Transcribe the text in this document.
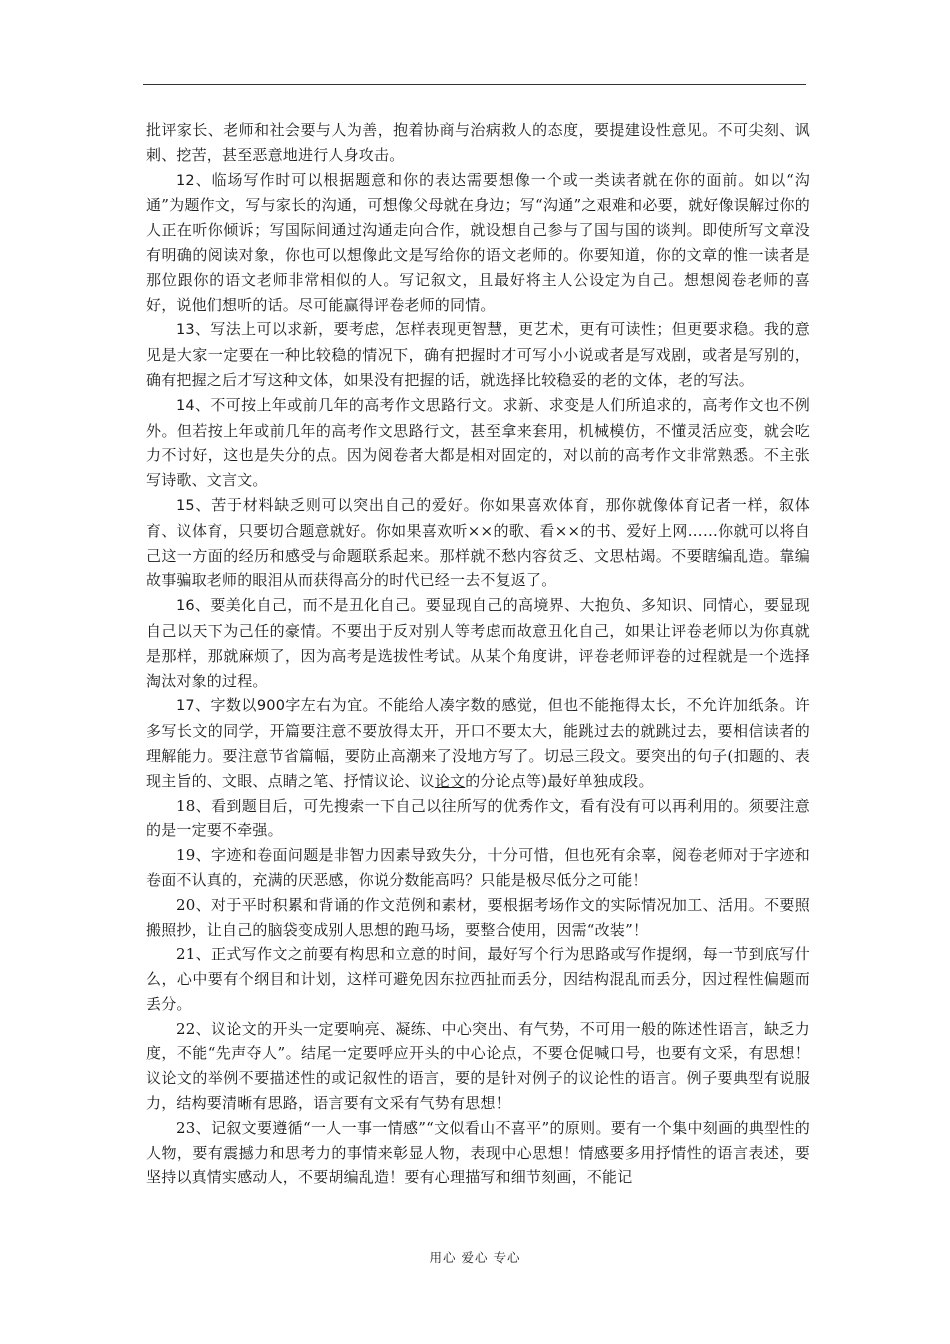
批评家长、老师和社会要与人为善，抱着协商与治病救人的态度，要提建设性意见。不可尖刻、讽刺、挖苦，甚至恶意地进行人身攻击。

12、临场写作时可以根据题意和你的表达需要想像一个或一类读者就在你的面前。如以“沟通”为题作文，写与家长的沟通，可想像父母就在身边；写“沟通”之艰难和必要，就好像误解过你的人正在听你倾诉；写国际间通过沟通走向合作，就设想自己参与了国与国的谈判。即使所写文章没有明确的阅读对象，你也可以想像此文是写给你的语文老师的。你要知道，你的文章的惟一读者是那位跟你的语文老师非常相似的人。写记叙文，且最好将主人公设定为自己。想想阅卷老师的喜好，说他们想听的话。尽可能赢得评卷老师的同情。

13、写法上可以求新，要考虑，怎样表现更智慧，更艺术，更有可读性；但更要求稳。我的意见是大家一定要在一种比较稳的情况下，确有把握时才可写小小说或者是写戏剧，或者是写别的，确有把握之后才写这种文体，如果没有把握的话，就选择比较稳妥的老的文体，老的写法。

14、不可按上年或前几年的高考作文思路行文。求新、求变是人们所追求的，高考作文也不例外。但若按上年或前几年的高考作文思路行文，甚至拿来套用，机械模仿，不懂灵活应变，就会吃力不讨好，这也是失分的点。因为阅卷者大都是相对固定的，对以前的高考作文非常熟悉。不主张写诗歌、文言文。

15、苦于材料缺乏则可以突出自己的爱好。你如果喜欢体育，那你就像体育记者一样，叙体育、议体育，只要切合题意就好。你如果喜欢听××的歌、看××的书、爱好上网……你就可以将自己这一方面的经历和感受与命题联系起来。那样就不愁内容贫乏、文思枯竭。不要瞎编乱造。靠编故事骗取老师的眼泪从而获得高分的时代已经一去不复返了。

16、要美化自己，而不是丑化自己。要显现自己的高境界、大抱负、多知识、同情心，要显现自己以天下为己任的豪情。不要出于反对别人等考虑而故意丑化自己，如果让评卷老师以为你真就是那样，那就麻烦了，因为高考是选拔性考试。从某个角度讲，评卷老师评卷的过程就是一个选择淘汰对象的过程。

17、字数以900字左右为宜。不能给人凑字数的感觉，但也不能拖得太长，不允许加纸条。许多写长文的同学，开篇要注意不要放得太开，开口不要太大，能跳过去的就跳过去，要相信读者的理解能力。要注意节省篇幅，要防止高潮来了没地方写了。切忌三段文。要突出的句子(扣题的、表现主旨的、文眼、点睛之笔、抒情议论、议论文的分论点等)最好单独成段。

18、看到题目后，可先搜索一下自己以往所写的优秀作文，看有没有可以再利用的。须要注意的是一定要不牵强。

19、字迹和卷面问题是非智力因素导致失分，十分可惜，但也死有余辜，阅卷老师对于字迹和卷面不认真的，充满的厌恶感，你说分数能高吗？只能是极尽低分之可能！

20、对于平时积累和背诵的作文范例和素材，要根据考场作文的实际情况加工、活用。不要照搬照抄，让自己的脑袋变成别人思想的跑马场，要整合使用，因需“改装”！

21、正式写作文之前要有构思和立意的时间，最好写个行为思路或写作提纲，每一节到底写什么，心中要有个纲目和计划，这样可避免因东拉西扯而丢分，因结构混乱而丢分，因过程性偏题而丢分。

22、议论文的开头一定要响亮、凝练、中心突出、有气势，不可用一般的陈述性语言，缺乏力度，不能“先声夺人”。结尾一定要呼应开头的中心论点，不要仓促喊口号，也要有文采，有思想！议论文的举例不要描述性的或记叙性的语言，要的是针对例子的议论性的语言。例子要典型有说服力，结构要清晰有思路，语言要有文采有气势有思想！

23、记叙文要遵循“一人一事一情感”“文似看山不喜平”的原则。要有一个集中刻画的典型性的人物，要有震撼力和思考力的事情来彰显人物，表现中心思想！情感要多用抒情性的语言表述，要坚持以真情实感动人，不要胡编乱造！要有心理描写和细节刻画，不能记

用心 爱心 专心
